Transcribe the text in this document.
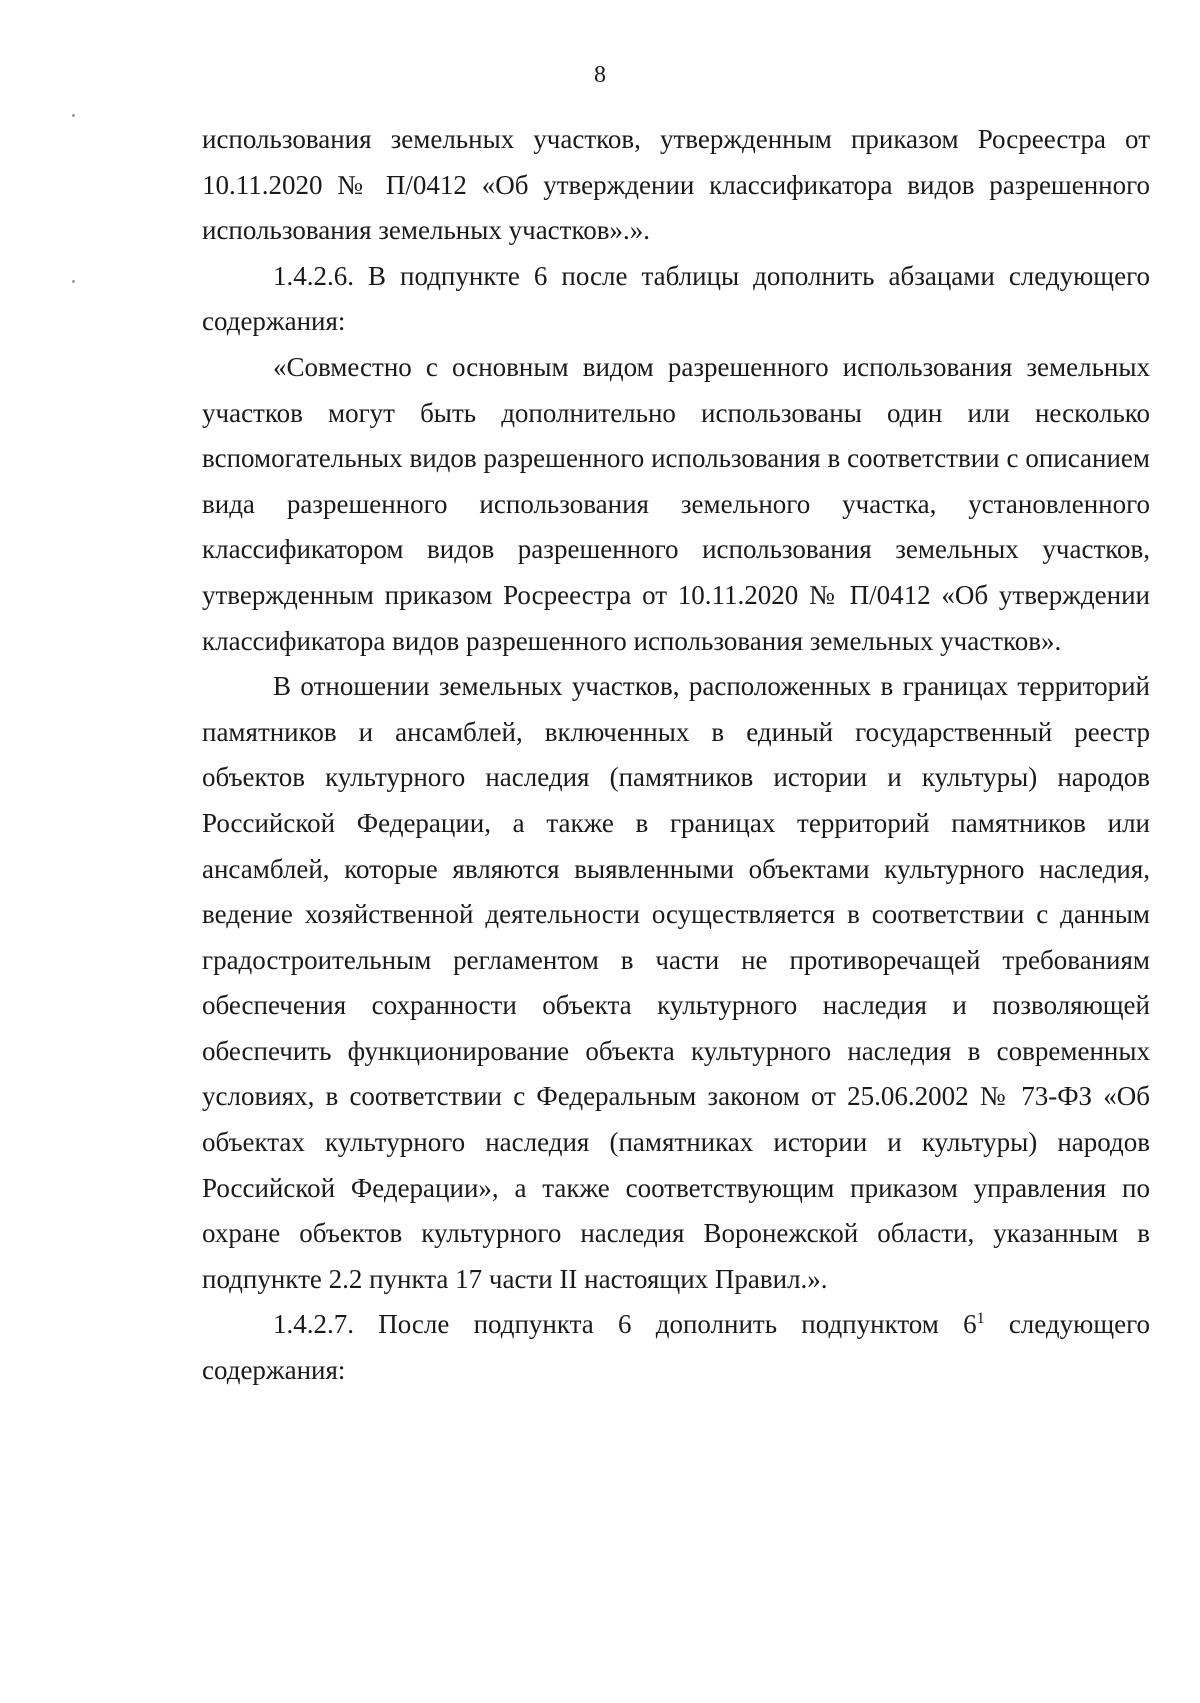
8

использования земельных участков, утвержденным приказом Росреестра от 10.11.2020 № П/0412 «Об утверждении классификатора видов разрешенного использования земельных участков».».

1.4.2.6. В подпункте 6 после таблицы дополнить абзацами следующего содержания:

«Совместно с основным видом разрешенного использования земельных участков могут быть дополнительно использованы один или несколько вспомогательных видов разрешенного использования в соответствии с описанием вида разрешенного использования земельного участка, установленного классификатором видов разрешенного использования земельных участков, утвержденным приказом Росреестра от 10.11.2020 № П/0412 «Об утверждении классификатора видов разрешенного использования земельных участков».

В отношении земельных участков, расположенных в границах территорий памятников и ансамблей, включенных в единый государственный реестр объектов культурного наследия (памятников истории и культуры) народов Российской Федерации, а также в границах территорий памятников или ансамблей, которые являются выявленными объектами культурного наследия, ведение хозяйственной деятельности осуществляется в соответствии с данным градостроительным регламентом в части не противоречащей требованиям обеспечения сохранности объекта культурного наследия и позволяющей обеспечить функционирование объекта культурного наследия в современных условиях, в соответствии с Федеральным законом от 25.06.2002 № 73-ФЗ «Об объектах культурного наследия (памятниках истории и культуры) народов Российской Федерации», а также соответствующим приказом управления по охране объектов культурного наследия Воронежской области, указанным в подпункте 2.2 пункта 17 части II настоящих Правил.».

1.4.2.7. После подпункта 6 дополнить подпунктом $6^1$ следующего содержания:
